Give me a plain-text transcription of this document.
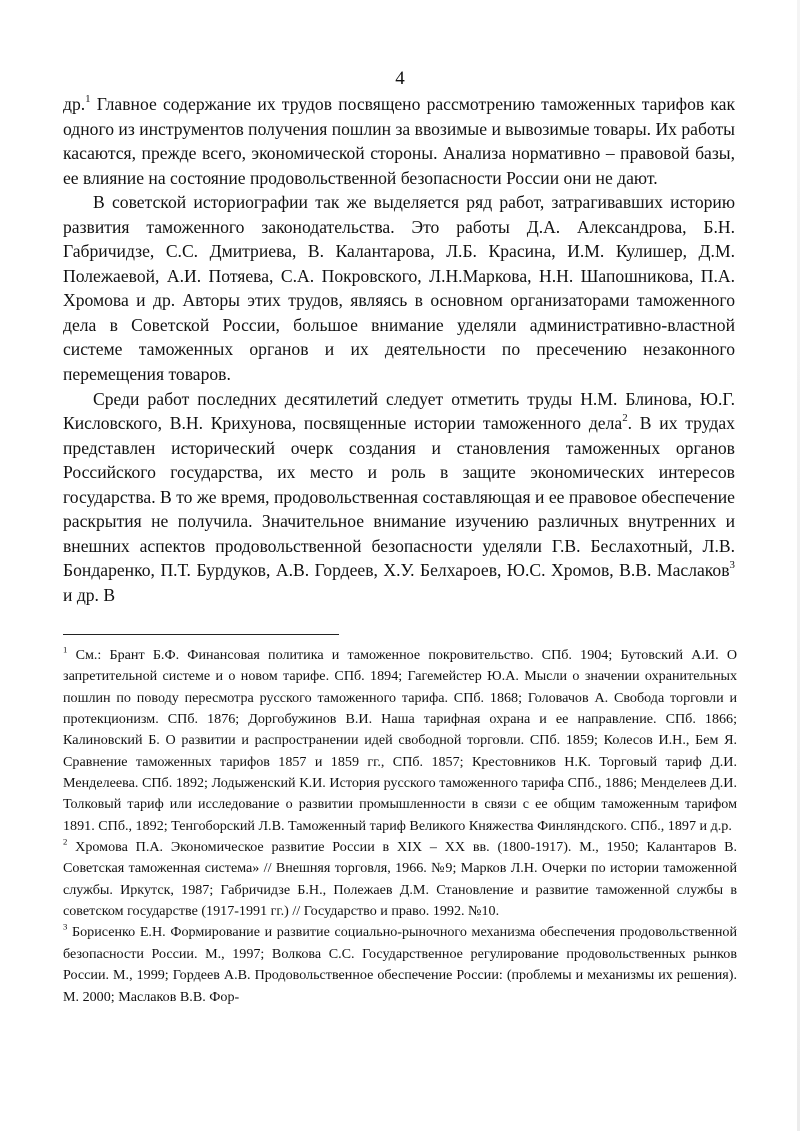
4

др.$^1$ Главное содержание их трудов посвящено рассмотрению таможенных тарифов как одного из инструментов получения пошлин за ввозимые и вывозимые товары. Их работы касаются, прежде всего, экономической стороны. Анализа нормативно – правовой базы, ее влияние на состояние продовольственной безопасности России они не дают.

В советской историографии так же выделяется ряд работ, затрагивавших историю развития таможенного законодательства. Это работы Д.А. Александрова, Б.Н. Габричидзе, С.С. Дмитриева, В. Калантарова, Л.Б. Красина, И.М. Кулишер, Д.М. Полежаевой, А.И. Потяева, С.А. Покровского, Л.Н.Маркова, Н.Н. Шапошникова, П.А. Хромова и др. Авторы этих трудов, являясь в основном организаторами таможенного дела в Советской России, большое внимание уделяли административно-властной системе таможенных органов и их деятельности по пресечению незаконного перемещения товаров.

Среди работ последних десятилетий следует отметить труды Н.М. Блинова, Ю.Г. Кисловского, В.Н. Крихунова, посвященные истории таможенного дела$^2$. В их трудах представлен исторический очерк создания и становления таможенных органов Российского государства, их место и роль в защите экономических интересов государства. В то же время, продовольственная составляющая и ее правовое обеспечение раскрытия не получила. Значительное внимание изучению различных внутренних и внешних аспектов продовольственной безопасности уделяли Г.В. Беслахотный, Л.В. Бондаренко, П.Т. Бурдуков, А.В. Гордеев, Х.У. Белхароев, Ю.С. Хромов, В.В. Маслаков$^3$ и др. В

$^1$ См.: Брант Б.Ф. Финансовая политика и таможенное покровительство. СПб. 1904; Бутовский А.И. О запретительной системе и о новом тарифе. СПб. 1894; Гагемейстер Ю.А. Мысли о значении охранительных пошлин по поводу пересмотра русского таможенного тарифа. СПб. 1868; Головачов А. Свобода торговли и протекционизм. СПб. 1876; Доргобужинов В.И. Наша тарифная охрана и ее направление. СПб. 1866; Калиновский Б. О развитии и распространении идей свободной торговли. СПб. 1859; Колесов И.Н., Бем Я. Сравнение таможенных тарифов 1857 и 1859 гг., СПб. 1857; Крестовников Н.К. Торговый тариф Д.И. Менделеева. СПб. 1892; Лодыженский К.И. История русского таможенного тарифа СПб., 1886; Менделеев Д.И. Толковый тариф или исследование о развитии промышленности в связи с ее общим таможенным тарифом 1891. СПб., 1892; Тенгоборский Л.В. Таможенный тариф Великого Княжества Финляндского. СПб., 1897 и д.р.

$^2$ Хромова П.А. Экономическое развитие России в XIX – XX вв. (1800-1917). М., 1950; Калантаров В. Советская таможенная система» // Внешняя торговля, 1966. №9; Марков Л.Н. Очерки по истории таможенной службы. Иркутск, 1987; Габричидзе Б.Н., Полежаев Д.М. Становление и развитие таможенной службы в советском государстве (1917-1991 гг.) // Государство и право. 1992. №10.

$^3$ Борисенко Е.Н. Формирование и развитие социально-рыночного механизма обеспечения продовольственной безопасности России. М., 1997; Волкова С.С. Государственное регулирование продовольственных рынков России. М., 1999; Гордеев А.В. Продовольственное обеспечение России: (проблемы и механизмы их решения). М. 2000; Маслаков В.В. Фор-
